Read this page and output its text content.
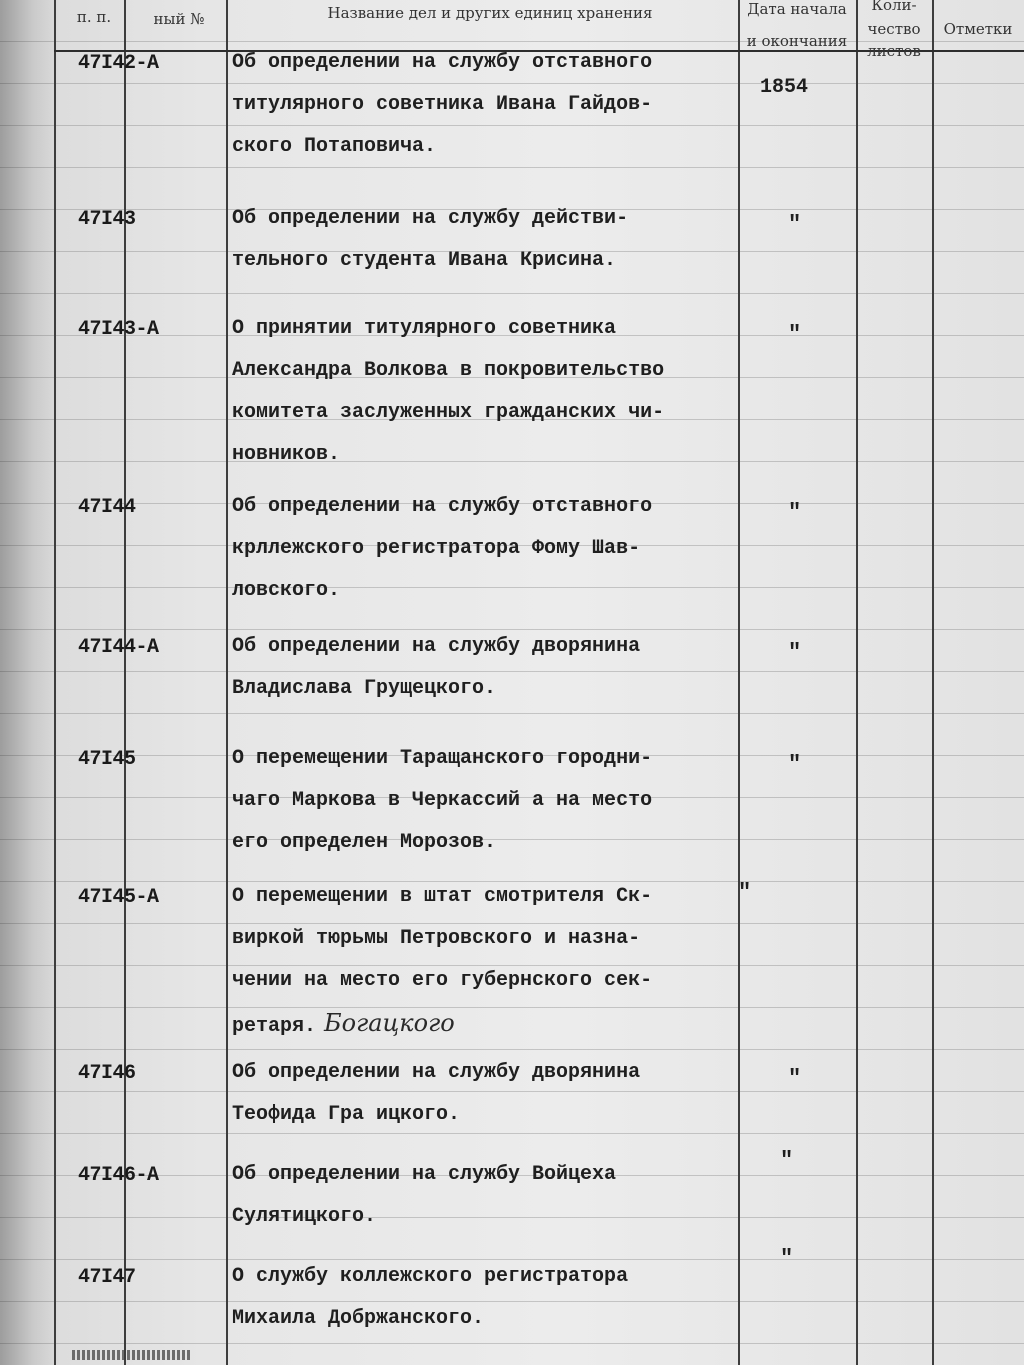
п. п.	ный №	Название дел и других единиц хранения	Дата начала
и окончания
Коли-
чество
листов
Отметки
47I42-А	Об определении на службу отставного
титулярного советника Ивана Гайдов-
ского Потаповича.
1854
47I43	Об определении на службу действи-
тельного студента Ивана Крисина.
"
47I43-А	О принятии титулярного советника
Александра Волкова в покровительство
комитета заслуженных гражданских чи-
новников.
"
47I44	Об определении на службу отставного
крллежского регистратора Фому Шав-
ловского.
"
47I44-А	Об определении на службу дворянина
Владислава Грущецкого.
"
47I45	О перемещении Таращанского городни-
чаго Маркова в Черкассий а на место
его определен Морозов.
"
47I45-А	О перемещении в штат смотрителя Ск-
виркой тюрьмы Петровского и назна-
чении на место его губернского сек-
ретаря. Богацкого
"
47I46	Об определении на службу дворянина
Теофида Гра ицкого.
"
47I46-А	Об определении на службу Войцеха
Сулятицкого.
"
47I47	О службу коллежского регистратора
Михаила Добржанского.
"
